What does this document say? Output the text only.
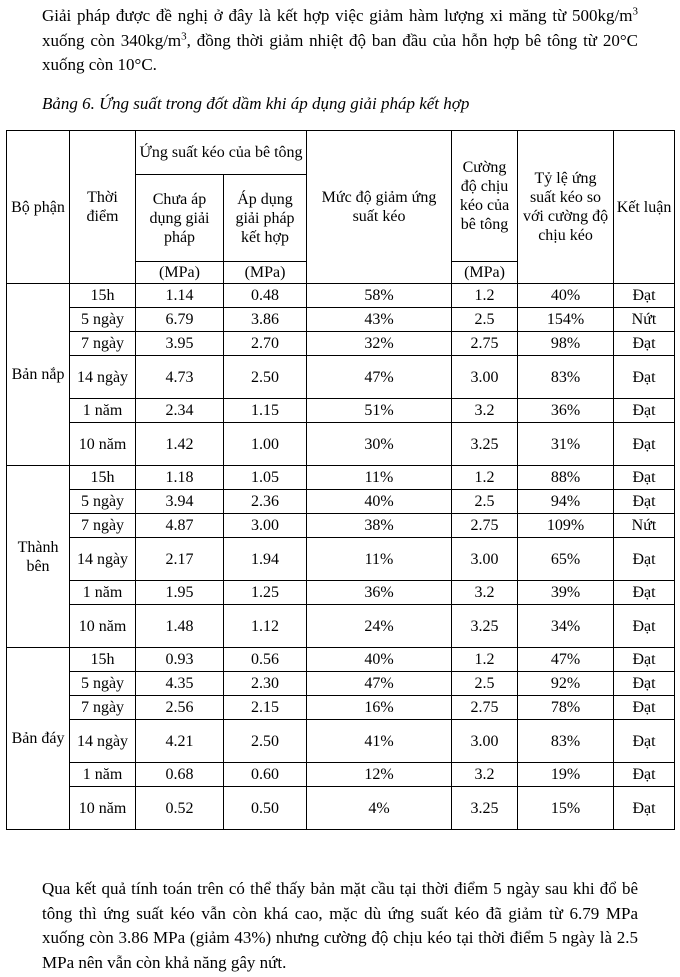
Giải pháp được đề nghị ở đây là kết hợp việc giảm hàm lượng xi măng từ $500kg/m^3$ xuống còn $340kg/m^3$, đồng thời giảm nhiệt độ ban đầu của hỗn hợp bê tông từ 20°C xuống còn 10°C.
Bảng 6. Ứng suất trong đốt dầm khi áp dụng giải pháp kết hợp
Bộ phận	Thời điểm	Ứng suất kéo của bê tông		Mức độ giảm ứng suất kéo	Cường độ chịu kéo của bê tông	Tỷ lệ ứng suất kéo so với cường độ chịu kéo	Kết luận
		Chưa áp dụng giải pháp	Áp dụng giải pháp kết hợp				
		(MPa)	(MPa)		(MPa)		
Bản nắp	15h	1.14	0.48	58%	1.2	40%	Đạt
	5 ngày	6.79	3.86	43%	2.5	154%	Nứt
	7 ngày	3.95	2.70	32%	2.75	98%	Đạt
	14 ngày	4.73	2.50	47%	3.00	83%	Đạt
	1 năm	2.34	1.15	51%	3.2	36%	Đạt
	10 năm	1.42	1.00	30%	3.25	31%	Đạt
Thành bên	15h	1.18	1.05	11%	1.2	88%	Đạt
	5 ngày	3.94	2.36	40%	2.5	94%	Đạt
	7 ngày	4.87	3.00	38%	2.75	109%	Nứt
	14 ngày	2.17	1.94	11%	3.00	65%	Đạt
	1 năm	1.95	1.25	36%	3.2	39%	Đạt
	10 năm	1.48	1.12	24%	3.25	34%	Đạt
Bản đáy	15h	0.93	0.56	40%	1.2	47%	Đạt
	5 ngày	4.35	2.30	47%	2.5	92%	Đạt
	7 ngày	2.56	2.15	16%	2.75	78%	Đạt
	14 ngày	4.21	2.50	41%	3.00	83%	Đạt
	1 năm	0.68	0.60	12%	3.2	19%	Đạt
	10 năm	0.52	0.50	4%	3.25	15%	Đạt
Qua kết quả tính toán trên có thể thấy bản mặt cầu tại thời điểm 5 ngày sau khi đổ bê tông thì ứng suất kéo vẫn còn khá cao, mặc dù ứng suất kéo đã giảm từ 6.79 MPa xuống còn 3.86 MPa (giảm 43%) nhưng cường độ chịu kéo tại thời điểm 5 ngày là 2.5 MPa nên vẫn còn khả năng gây nứt.
